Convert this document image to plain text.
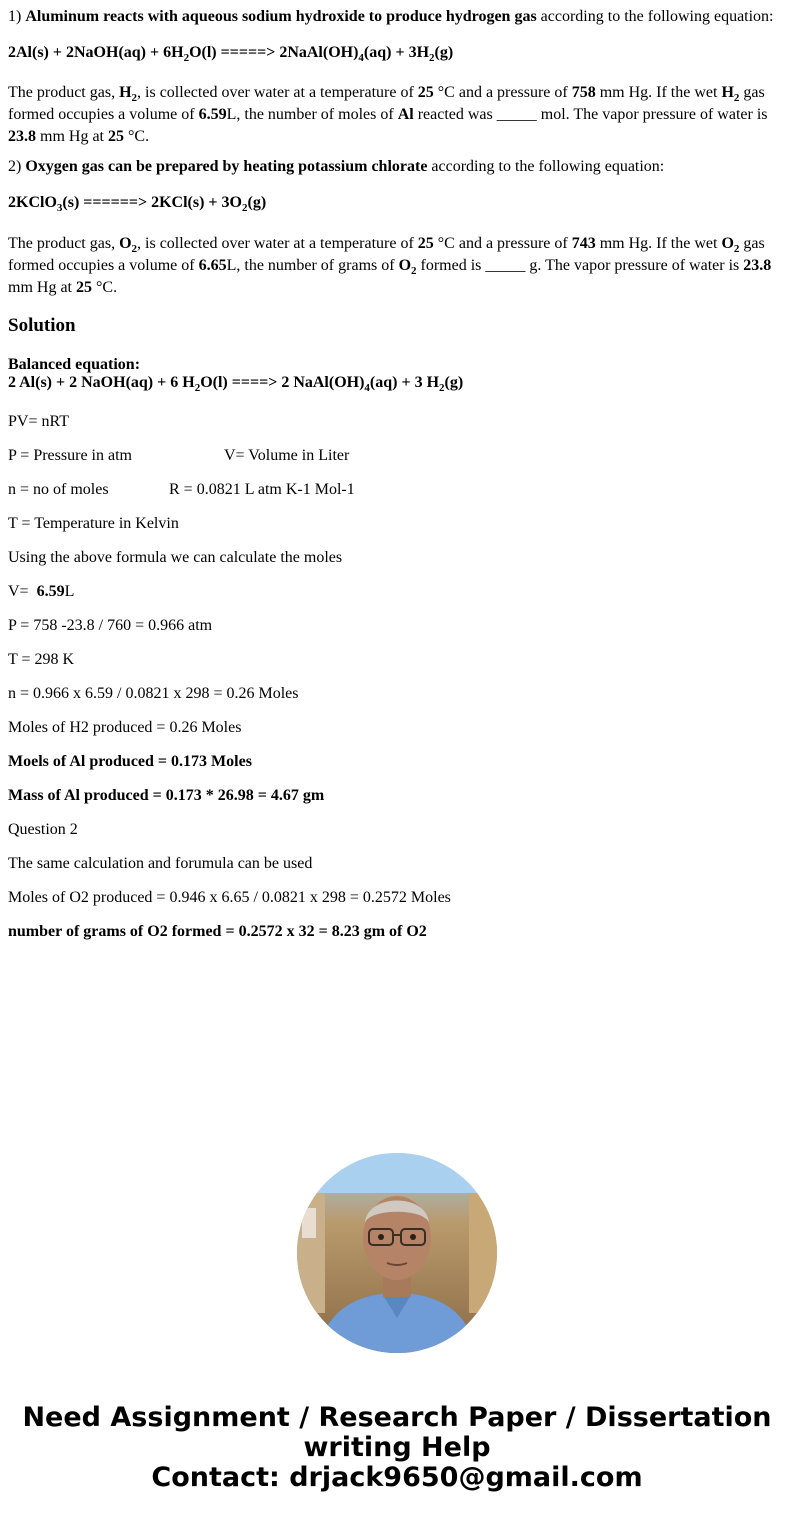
1) Aluminum reacts with aqueous sodium hydroxide to produce hydrogen gas according to the following equation:

2Al(s) + 2NaOH(aq) + $6H_2O(l)$ =====> $2NaAl(OH)_4(aq) + 3H_2(g)$

The product gas, $H_2$, is collected over water at a temperature of 25 °C and a pressure of 758 mm Hg. If the wet $H_2$ gas formed occupies a volume of 6.59L, the number of moles of Al reacted was _____ mol. The vapor pressure of water is 23.8 mm Hg at 25 °C.

2) Oxygen gas can be prepared by heating potassium chlorate according to the following equation:

2KClO$_3$(s) ======> $2KCl(s) + 3O_2(g)$

The product gas, $O_2$, is collected over water at a temperature of 25 °C and a pressure of 743 mm Hg. If the wet $O_2$ gas formed occupies a volume of 6.65L, the number of grams of $O_2$ formed is _____ g. The vapor pressure of water is 23.8 mm Hg at 25 °C.

Solution

Balanced equation:

2 Al(s) + 2 NaOH(aq) + 6 $H_2O(l)$ ====> 2 $NaAl(OH)_4(aq) + 3$ $H_2(g)$

PV= nRT

P = Pressure in atm	V= Volume in Liter

n = no of moles	R = 0.0821 L atm K-1 Mol-1

T = Temperature in Kelvin

Using the above formula we can calculate the moles

V=  6.59L

P = 758 -23.8 / 760 = 0.966 atm

T = 298 K

n = 0.966 x 6.59 / 0.0821 x 298 = 0.26 Moles

Moles of H2 produced = 0.26 Moles

Moels of Al produced = 0.173 Moles

Mass of Al produced = 0.173 * 26.98 = 4.67 gm

Question 2

The same calculation and forumula can be used

Moles of O2 produced = 0.946 x 6.65 / 0.0821 x 298 = 0.2572 Moles

number of grams of O2 formed = 0.2572 x 32 = 8.23 gm of O2

Need Assignment / Research Paper / Dissertation
writing Help
Contact: drjack9650@gmail.com
